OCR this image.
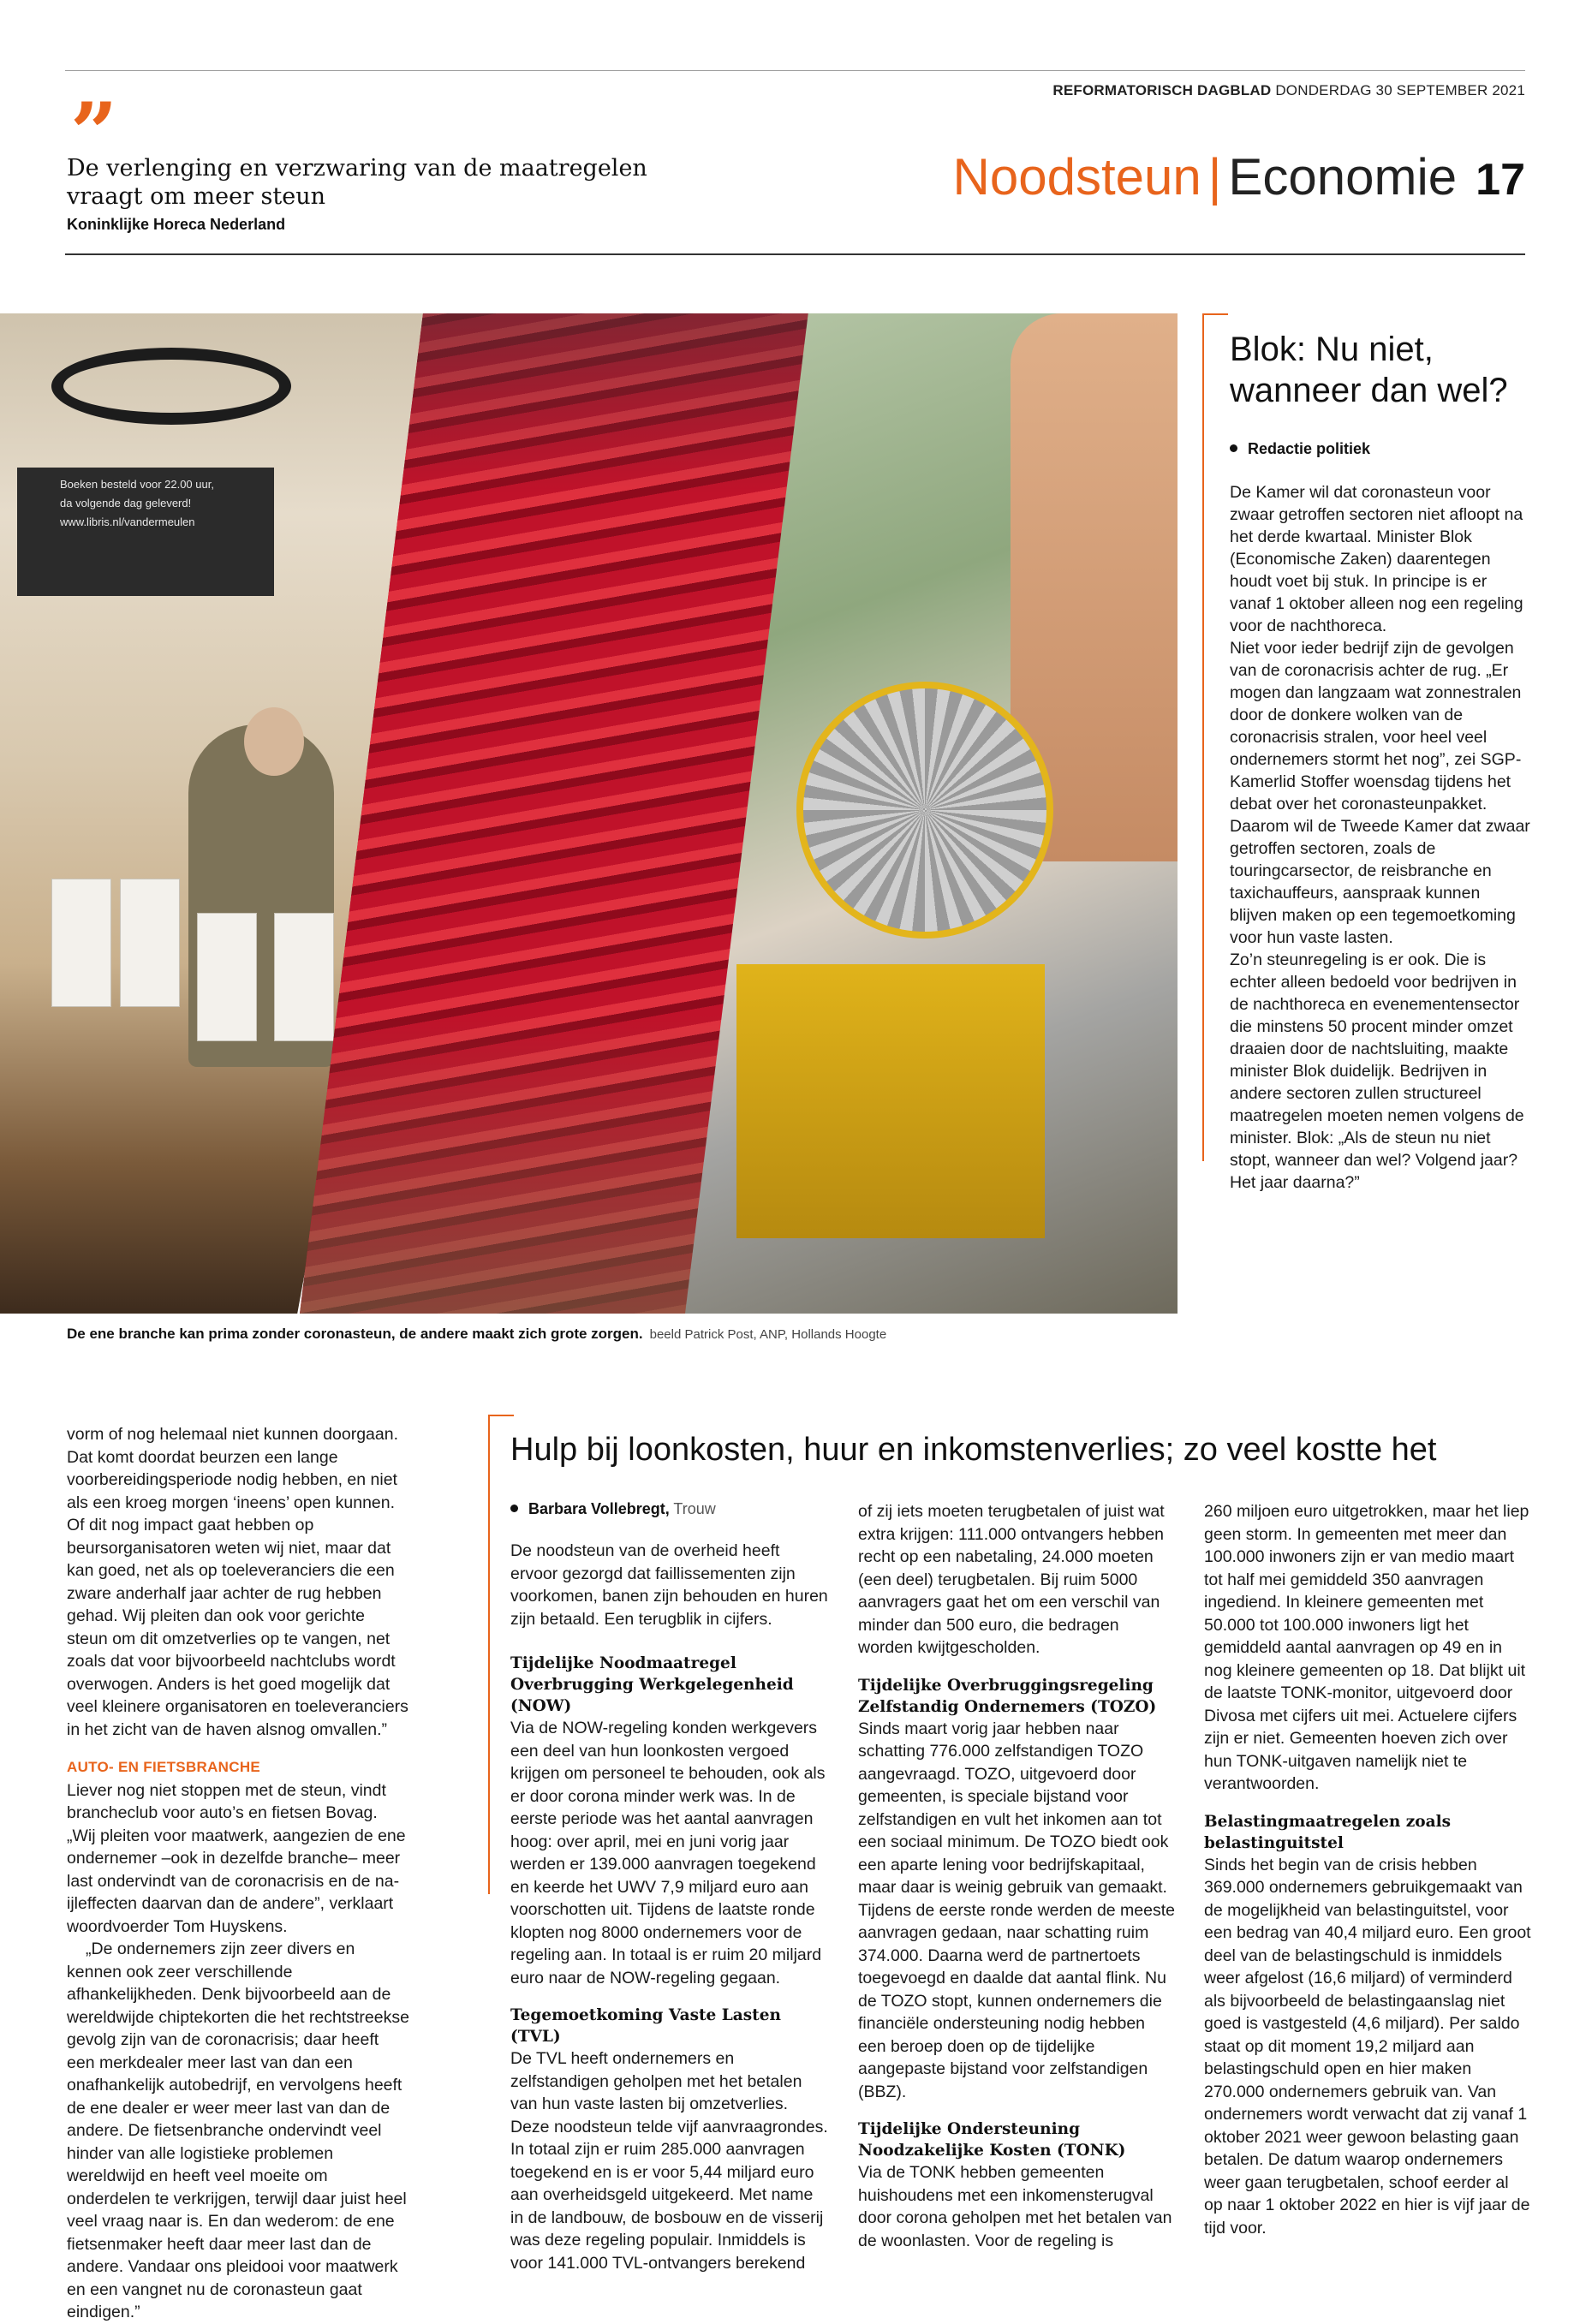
REFORMATORISCH DAGBLAD DONDERDAG 30 SEPTEMBER 2021
”
De verlenging en verzwaring van de maatregelen vraagt om meer steun
Koninklijke Horeca Nederland
Noodsteun | Economie 17
Boeken besteld voor 22.00 uur,
da volgende dag geleverd!
www.libris.nl/vandermeulen
De ene branche kan prima zonder coronasteun, de andere maakt zich grote zorgen. beeld Patrick Post, ANP, Hollands Hoogte
Blok: Nu niet, wanneer dan wel?
Redactie politiek

De Kamer wil dat coronasteun voor zwaar getroffen sectoren niet afloopt na het derde kwartaal. Minister Blok (Economische Zaken) daarentegen houdt voet bij stuk. In principe is er vanaf 1 oktober alleen nog een regeling voor de nachthoreca.

Niet voor ieder bedrijf zijn de gevolgen van de coronacrisis achter de rug. „Er mogen dan langzaam wat zonnestralen door de donkere wolken van de coronacrisis stralen, voor heel veel ondernemers stormt het nog”, zei SGP-Kamerlid Stoffer woensdag tijdens het debat over het coronasteunpakket. Daarom wil de Tweede Kamer dat zwaar getroffen sectoren, zoals de touringcarsector, de reisbranche en taxichauffeurs, aanspraak kunnen blijven maken op een tegemoetkoming voor hun vaste lasten.

Zo’n steunregeling is er ook. Die is echter alleen bedoeld voor bedrijven in de nachthoreca en evenementensector die minstens 50 procent minder omzet draaien door de nachtsluiting, maakte minister Blok duidelijk. Bedrijven in andere sectoren zullen structureel maatregelen moeten nemen volgens de minister. Blok: „Als de steun nu niet stopt, wanneer dan wel? Volgend jaar? Het jaar daarna?”

vorm of nog helemaal niet kunnen doorgaan. Dat komt doordat beurzen een lange voorbereidingsperiode nodig hebben, en niet als een kroeg morgen ‘ineens’ open kunnen. Of dit nog impact gaat hebben op beursorganisatoren weten wij niet, maar dat kan goed, net als op toeleveranciers die een zware anderhalf jaar achter de rug hebben gehad. Wij pleiten dan ook voor gerichte steun om dit omzetverlies op te vangen, net zoals dat voor bijvoorbeeld nachtclubs wordt overwogen. Anders is het goed mogelijk dat veel kleinere organisatoren en toeleveranciers in het zicht van de haven alsnog omvallen.”

AUTO- EN FIETSBRANCHE

Liever nog niet stoppen met de steun, vindt brancheclub voor auto’s en fietsen Bovag. „Wij pleiten voor maatwerk, aangezien de ene ondernemer –ook in dezelfde branche– meer last ondervindt van de coronacrisis en de na-ijleffecten daarvan dan de andere”, verklaart woordvoerder Tom Huyskens.

„De ondernemers zijn zeer divers en kennen ook zeer verschillende afhankelijkheden. Denk bijvoorbeeld aan de wereldwijde chiptekorten die het rechtstreekse gevolg zijn van de coronacrisis; daar heeft een merkdealer meer last van dan een onafhankelijk autobedrijf, en vervolgens heeft de ene dealer er weer meer last van dan de andere. De fietsenbranche ondervindt veel hinder van alle logistieke problemen wereldwijd en heeft veel moeite om onderdelen te verkrijgen, terwijl daar juist heel veel vraag naar is. En dan wederom: de ene fietsenmaker heeft daar meer last dan de andere. Vandaar ons pleidooi voor maatwerk en een vangnet nu de coronasteun gaat eindigen.”

Hulp bij loonkosten, huur en inkomstenverlies; zo veel kostte het
Barbara Vollebregt, Trouw

De noodsteun van de overheid heeft ervoor gezorgd dat faillissementen zijn voorkomen, banen zijn behouden en huren zijn betaald. Een terugblik in cijfers.

Tijdelijke Noodmaatregel Overbrugging Werkgelegenheid (NOW)

Via de NOW-regeling konden werkgevers een deel van hun loonkosten vergoed krijgen om personeel te behouden, ook als er door corona minder werk was. In de eerste periode was het aantal aanvragen hoog: over april, mei en juni vorig jaar werden er 139.000 aanvragen toegekend en keerde het UWV 7,9 miljard euro aan voorschotten uit. Tijdens de laatste ronde klopten nog 8000 ondernemers voor de regeling aan. In totaal is er ruim 20 miljard euro naar de NOW-regeling gegaan.

Tegemoetkoming Vaste Lasten (TVL)

De TVL heeft ondernemers en zelfstandigen geholpen met het betalen van hun vaste lasten bij omzetverlies. Deze noodsteun telde vijf aanvraagrondes. In totaal zijn er ruim 285.000 aanvragen toegekend en is er voor 5,44 miljard euro aan overheidsgeld uitgekeerd. Met name in de landbouw, de bosbouw en de visserij was deze regeling populair. Inmiddels is voor 141.000 TVL-ontvangers berekend

of zij iets moeten terugbetalen of juist wat extra krijgen: 111.000 ontvangers hebben recht op een nabetaling, 24.000 moeten (een deel) terugbetalen. Bij ruim 5000 aanvragers gaat het om een verschil van minder dan 500 euro, die bedragen worden kwijtgescholden.

Tijdelijke Overbruggingsregeling Zelfstandig Ondernemers (TOZO)

Sinds maart vorig jaar hebben naar schatting 776.000 zelfstandigen TOZO aangevraagd. TOZO, uitgevoerd door gemeenten, is speciale bijstand voor zelfstandigen en vult het inkomen aan tot een sociaal minimum. De TOZO biedt ook een aparte lening voor bedrijfskapitaal, maar daar is weinig gebruik van gemaakt. Tijdens de eerste ronde werden de meeste aanvragen gedaan, naar schatting ruim 374.000. Daarna werd de partnertoets toegevoegd en daalde dat aantal flink. Nu de TOZO stopt, kunnen ondernemers die financiële ondersteuning nodig hebben een beroep doen op de tijdelijke aangepaste bijstand voor zelfstandigen (BBZ).

Tijdelijke Ondersteuning Noodzakelijke Kosten (TONK)

Via de TONK hebben gemeenten huishoudens met een inkomensterugval door corona geholpen met het betalen van de woonlasten. Voor de regeling is

260 miljoen euro uitgetrokken, maar het liep geen storm. In gemeenten met meer dan 100.000 inwoners zijn er van medio maart tot half mei gemiddeld 350 aanvragen ingediend. In kleinere gemeenten met 50.000 tot 100.000 inwoners ligt het gemiddeld aantal aanvragen op 49 en in nog kleinere gemeenten op 18. Dat blijkt uit de laatste TONK-monitor, uitgevoerd door Divosa met cijfers uit mei. Actuelere cijfers zijn er niet. Gemeenten hoeven zich over hun TONK-uitgaven namelijk niet te verantwoorden.

Belastingmaatregelen zoals belastinguitstel

Sinds het begin van de crisis hebben 369.000 ondernemers gebruikgemaakt van de mogelijkheid van belastinguitstel, voor een bedrag van 40,4 miljard euro. Een groot deel van de belastingschuld is inmiddels weer afgelost (16,6 miljard) of verminderd als bijvoorbeeld de belastingaanslag niet goed is vastgesteld (4,6 miljard). Per saldo staat op dit moment 19,2 miljard aan belastingschuld open en hier maken 270.000 ondernemers gebruik van. Van ondernemers wordt verwacht dat zij vanaf 1 oktober 2021 weer gewoon belasting gaan betalen. De datum waarop ondernemers weer gaan terugbetalen, schoof eerder al op naar 1 oktober 2022 en hier is vijf jaar de tijd voor.
